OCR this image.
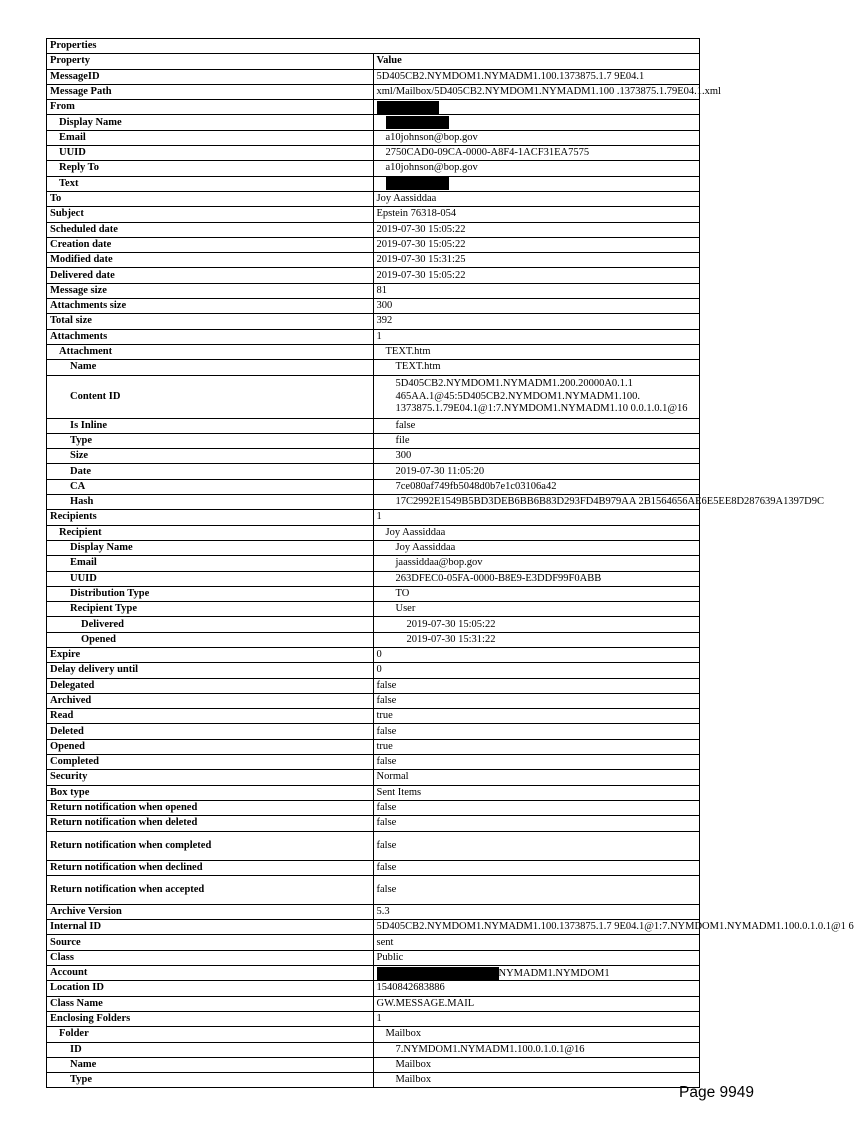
Properties	
Property	Value
MessageID	5D405CB2.NYMDOM1.NYMADM1.100.1373875.1.7 9E04.1
Message Path	xml/Mailbox/5D405CB2.NYMDOM1.NYMADM1.100 .1373875.1.79E04.1.xml
From	
Display Name	
Email	a10johnson@bop.gov
UUID	2750CAD0-09CA-0000-A8F4-1ACF31EA7575
Reply To	a10johnson@bop.gov
Text	
To	Joy Aassiddaa
Subject	Epstein 76318-054
Scheduled date	2019-07-30 15:05:22
Creation date	2019-07-30 15:05:22
Modified date	2019-07-30 15:31:25
Delivered date	2019-07-30 15:05:22
Message size	81
Attachments size	300
Total size	392
Attachments	1
Attachment	TEXT.htm
Name	TEXT.htm
Content ID	5D405CB2.NYMDOM1.NYMADM1.200.20000A0.1.1
465AA.1@45:5D405CB2.NYMDOM1.NYMADM1.100.
1373875.1.79E04.1@1:7.NYMDOM1.NYMADM1.10 0.0.1.0.1@16

Is Inline	false
Type	file
Size	300
Date	2019-07-30 11:05:20
CA	7ce080af749fb5048d0b7e1c03106a42
Hash	17C2992E1549B5BD3DEB6BB6B83D293FD4B979AA 2B1564656AE6E5EE8D287639A1397D9C
Recipients	1
Recipient	Joy Aassiddaa
Display Name	Joy Aassiddaa
Email	jaassiddaa@bop.gov
UUID	263DFEC0-05FA-0000-B8E9-E3DDF99F0ABB
Distribution Type	TO
Recipient Type	User
Delivered	2019-07-30 15:05:22
Opened	2019-07-30 15:31:22
Expire	0
Delay delivery until	0
Delegated	false
Archived	false
Read	true
Deleted	false
Opened	true
Completed	false
Security	Normal
Box type	Sent Items
Return notification when opened	false
Return notification when deleted	false
Return notification when completed	false
Return notification when declined	false
Return notification when accepted	false
Archive Version	5.3
Internal ID	5D405CB2.NYMDOM1.NYMADM1.100.1373875.1.7 9E04.1@1:7.NYMDOM1.NYMADM1.100.0.1.0.1@1 6
Source	sent
Class	Public
Account	NYMADM1.NYMDOM1
Location ID	1540842683886
Class Name	GW.MESSAGE.MAIL
Enclosing Folders	1
Folder	Mailbox
ID	7.NYMDOM1.NYMADM1.100.0.1.0.1@16
Name	Mailbox
Type	Mailbox
Page 9949
